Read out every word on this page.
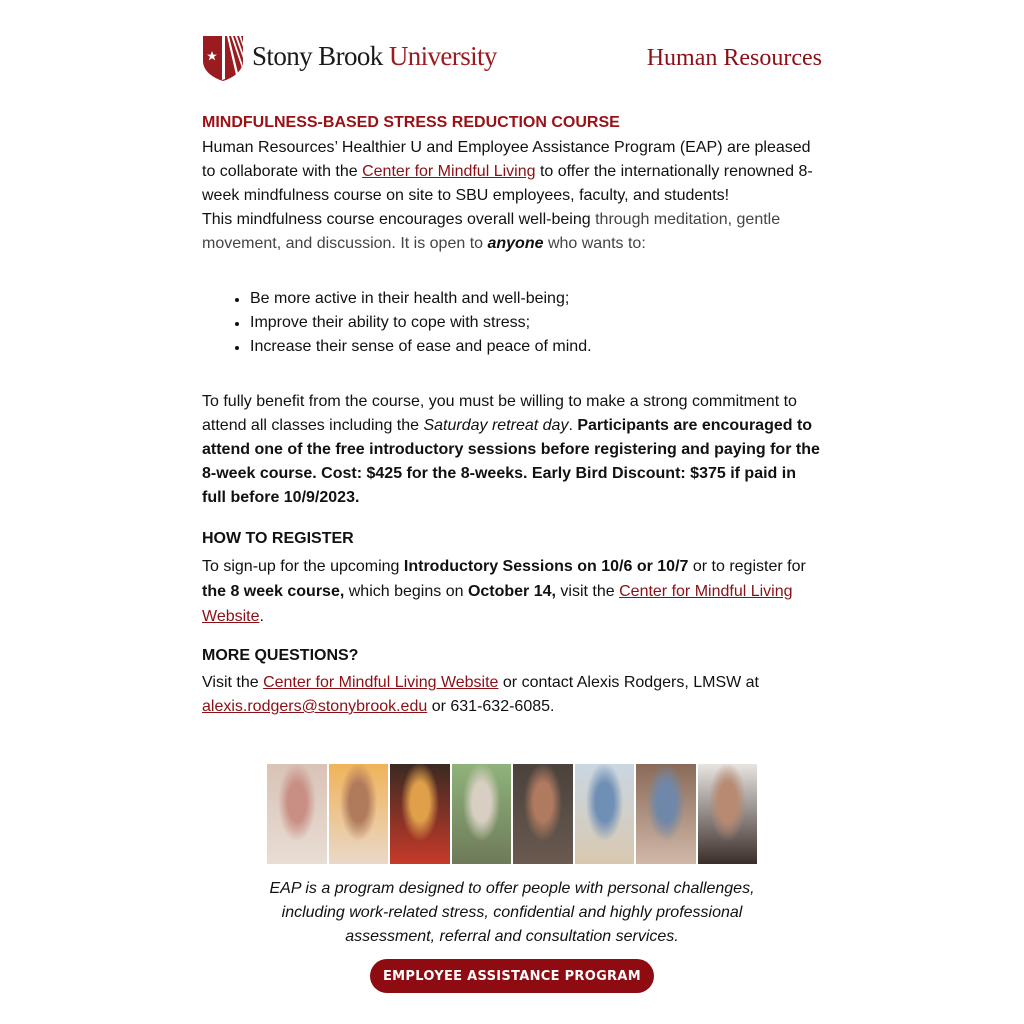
Stony Brook University	Human Resources
MINDFULNESS-BASED STRESS REDUCTION COURSE

Human Resources’ Healthier U and Employee Assistance Program (EAP) are pleased to collaborate with the Center for Mindful Living to offer the internationally renowned 8-week mindfulness course on site to SBU employees, faculty, and students!

This mindfulness course encourages overall well-being through meditation, gentle movement, and discussion. It is open to anyone who wants to:

Be more active in their health and well-being;
Improve their ability to cope with stress;
Increase their sense of ease and peace of mind.

To fully benefit from the course, you must be willing to make a strong commitment to attend all classes including the Saturday retreat day. Participants are encouraged to attend one of the free introductory sessions before registering and paying for the 8-week course. Cost: $425 for the 8-weeks. Early Bird Discount: $375 if paid in full before 10/9/2023.

HOW TO REGISTER

To sign-up for the upcoming Introductory Sessions on 10/6 or 10/7 or to register for the 8 week course, which begins on October 14, visit the Center for Mindful Living Website.

MORE QUESTIONS?

Visit the Center for Mindful Living Website or contact Alexis Rodgers, LMSW at alexis.rodgers@stonybrook.edu or 631-632-6085.

EAP is a program designed to offer people with personal challenges, including work-related stress, confidential and highly professional assessment, referral and consultation services.

EMPLOYEE ASSISTANCE PROGRAM
